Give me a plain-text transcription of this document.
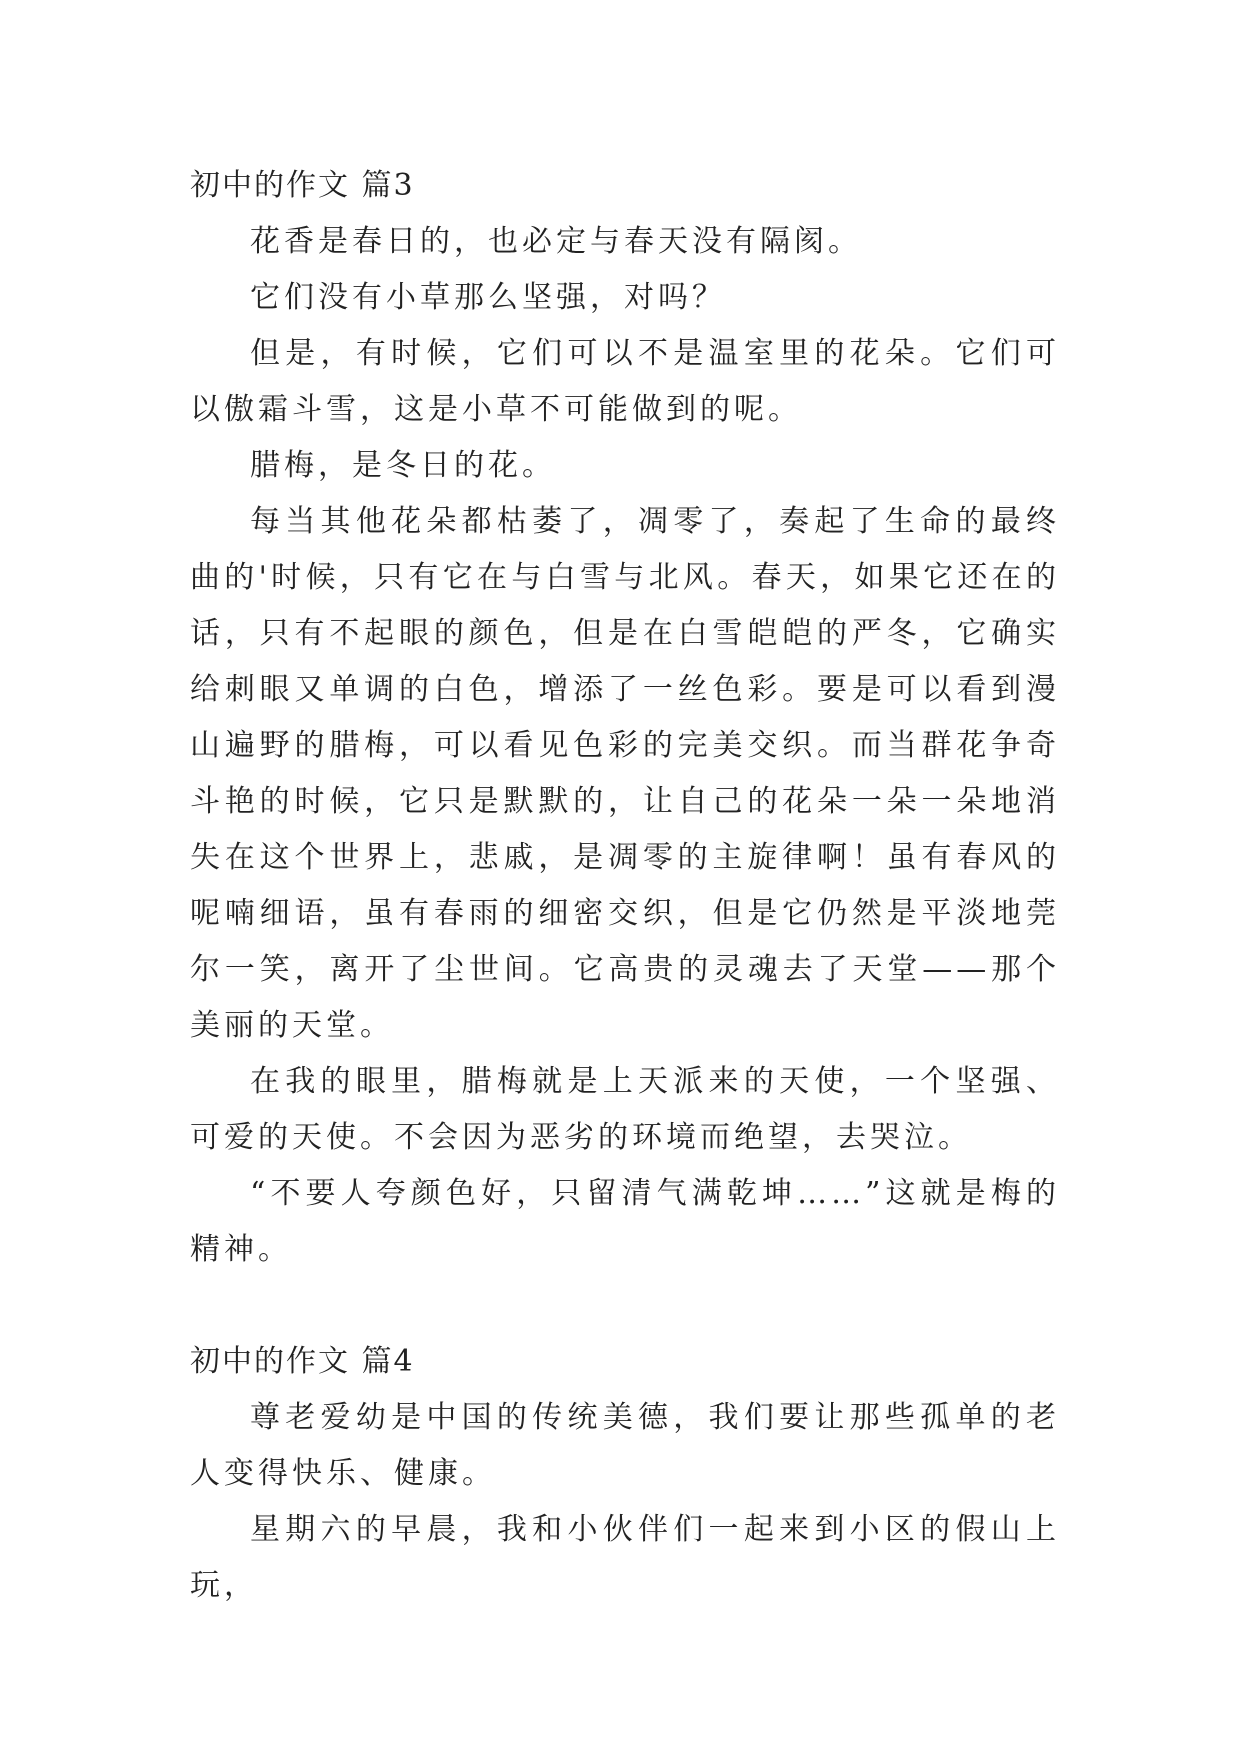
初中的作文 篇3

花香是春日的，也必定与春天没有隔阂。

它们没有小草那么坚强，对吗？

但是，有时候，它们可以不是温室里的花朵。它们可以傲霜斗雪，这是小草不可能做到的呢。

腊梅，是冬日的花。

每当其他花朵都枯萎了，凋零了，奏起了生命的最终曲的'时候，只有它在与白雪与北风。春天，如果它还在的话，只有不起眼的颜色，但是在白雪皑皑的严冬，它确实给刺眼又单调的白色，增添了一丝色彩。要是可以看到漫山遍野的腊梅，可以看见色彩的完美交织。而当群花争奇斗艳的时候，它只是默默的，让自己的花朵一朵一朵地消失在这个世界上，悲戚，是凋零的主旋律啊！虽有春风的呢喃细语，虽有春雨的细密交织，但是它仍然是平淡地莞尔一笑，离开了尘世间。它高贵的灵魂去了天堂——那个美丽的天堂。

在我的眼里，腊梅就是上天派来的天使，一个坚强、可爱的天使。不会因为恶劣的环境而绝望，去哭泣。

“不要人夸颜色好，只留清气满乾坤……”这就是梅的精神。

初中的作文 篇4

尊老爱幼是中国的传统美德，我们要让那些孤单的老人变得快乐、健康。

星期六的早晨，我和小伙伴们一起来到小区的假山上玩，
